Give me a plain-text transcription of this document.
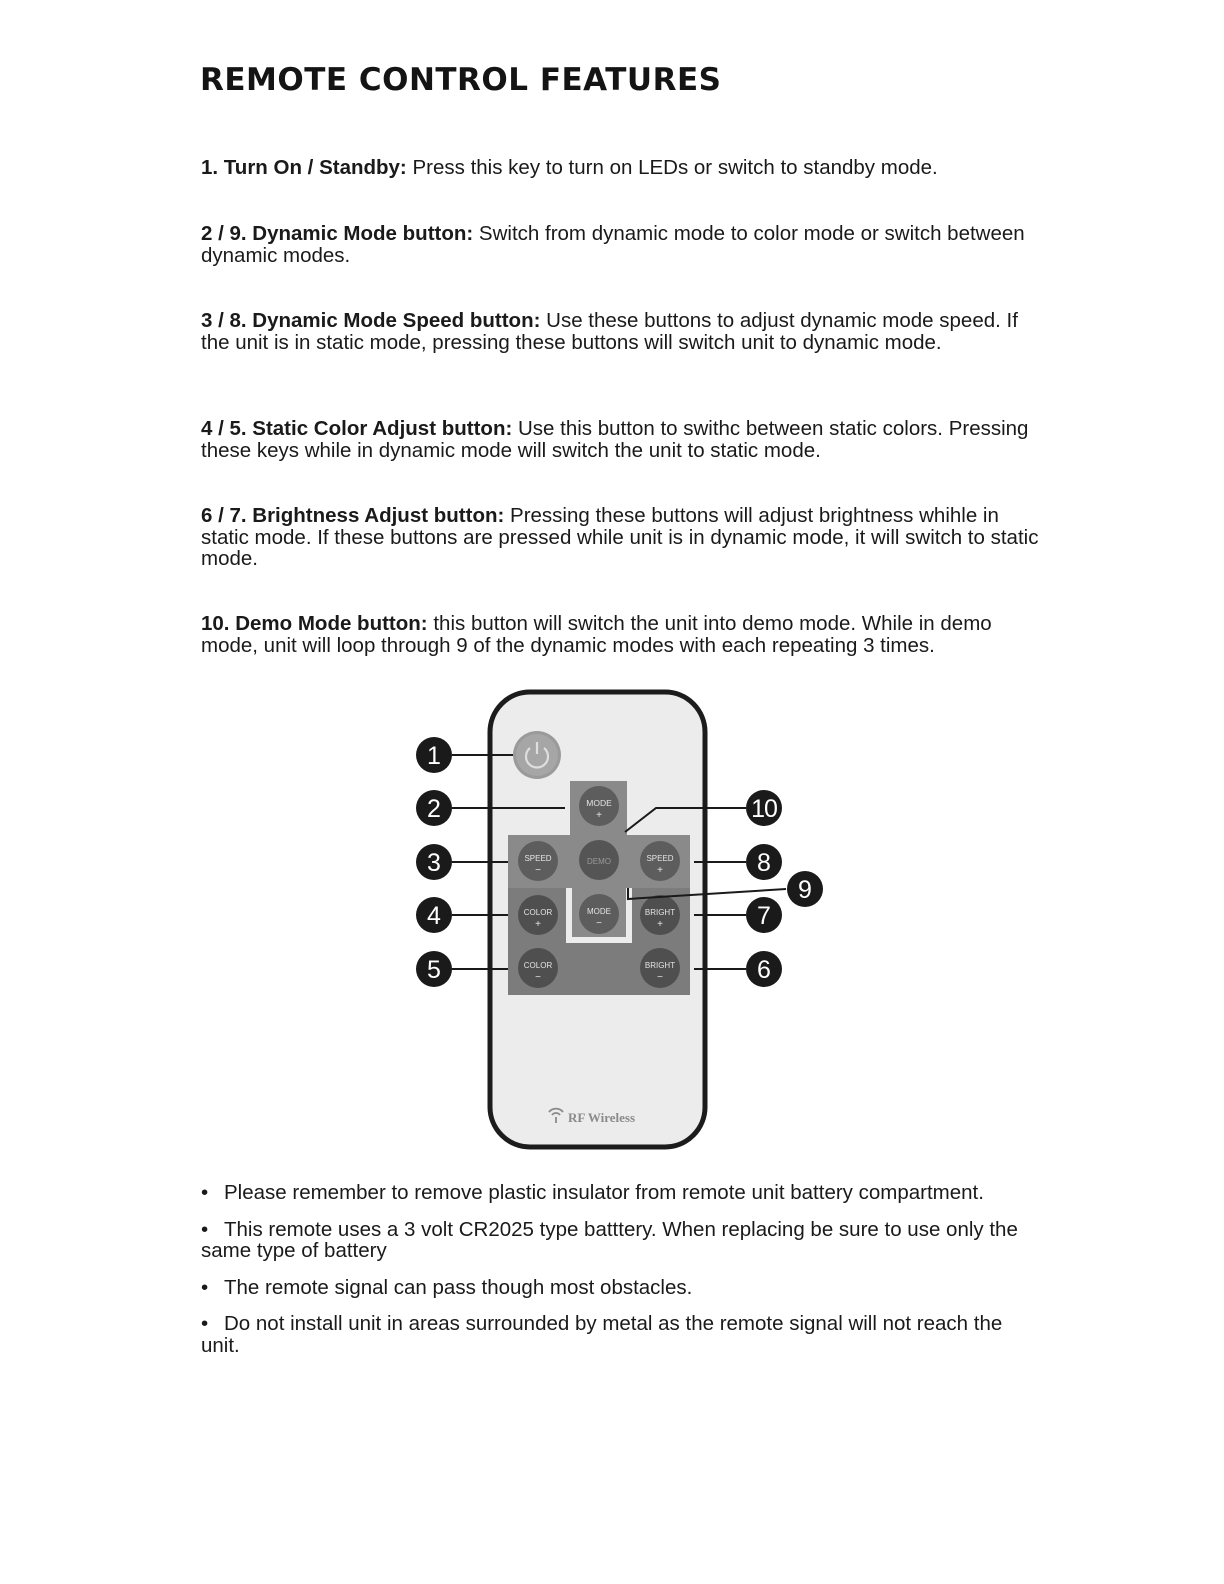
REMOTE CONTROL FEATURES

1. Turn On / Standby: Press this key to turn on LEDs or switch to standby mode.

2 / 9. Dynamic Mode button: Switch from dynamic mode to color mode or switch between dynamic modes.

3 / 8. Dynamic Mode Speed button: Use these buttons to adjust dynamic mode speed. If the unit is in static mode, pressing these buttons will switch unit to dynamic mode.

4 / 5. Static Color Adjust button: Use this button to swithc between static colors. Pressing these keys while in dynamic mode will switch the unit to static mode.

6 / 7. Brightness Adjust button: Pressing these buttons will adjust brightness whihle in static mode. If these buttons are pressed while unit is in dynamic mode, it will switch to static mode.

10. Demo Mode button: this button will switch the unit into demo mode. While in demo mode, unit will loop through 9 of the dynamic modes with each repeating 3 times.

MODE
+
SPEED
−
DEMO	SPEED
+
COLOR
+
MODE
−
BRIGHT
+
COLOR
−
BRIGHT
−
RF Wireless
1
2
3
4
5	6
7
8
9
10
• Please remember to remove plastic insulator from remote unit battery compartment.
• This remote uses a 3 volt CR2025 type batttery. When replacing be sure to use only the same type of battery
• The remote signal can pass though most obstacles.
• Do not install unit in areas surrounded by metal as the remote signal will not reach the unit.
